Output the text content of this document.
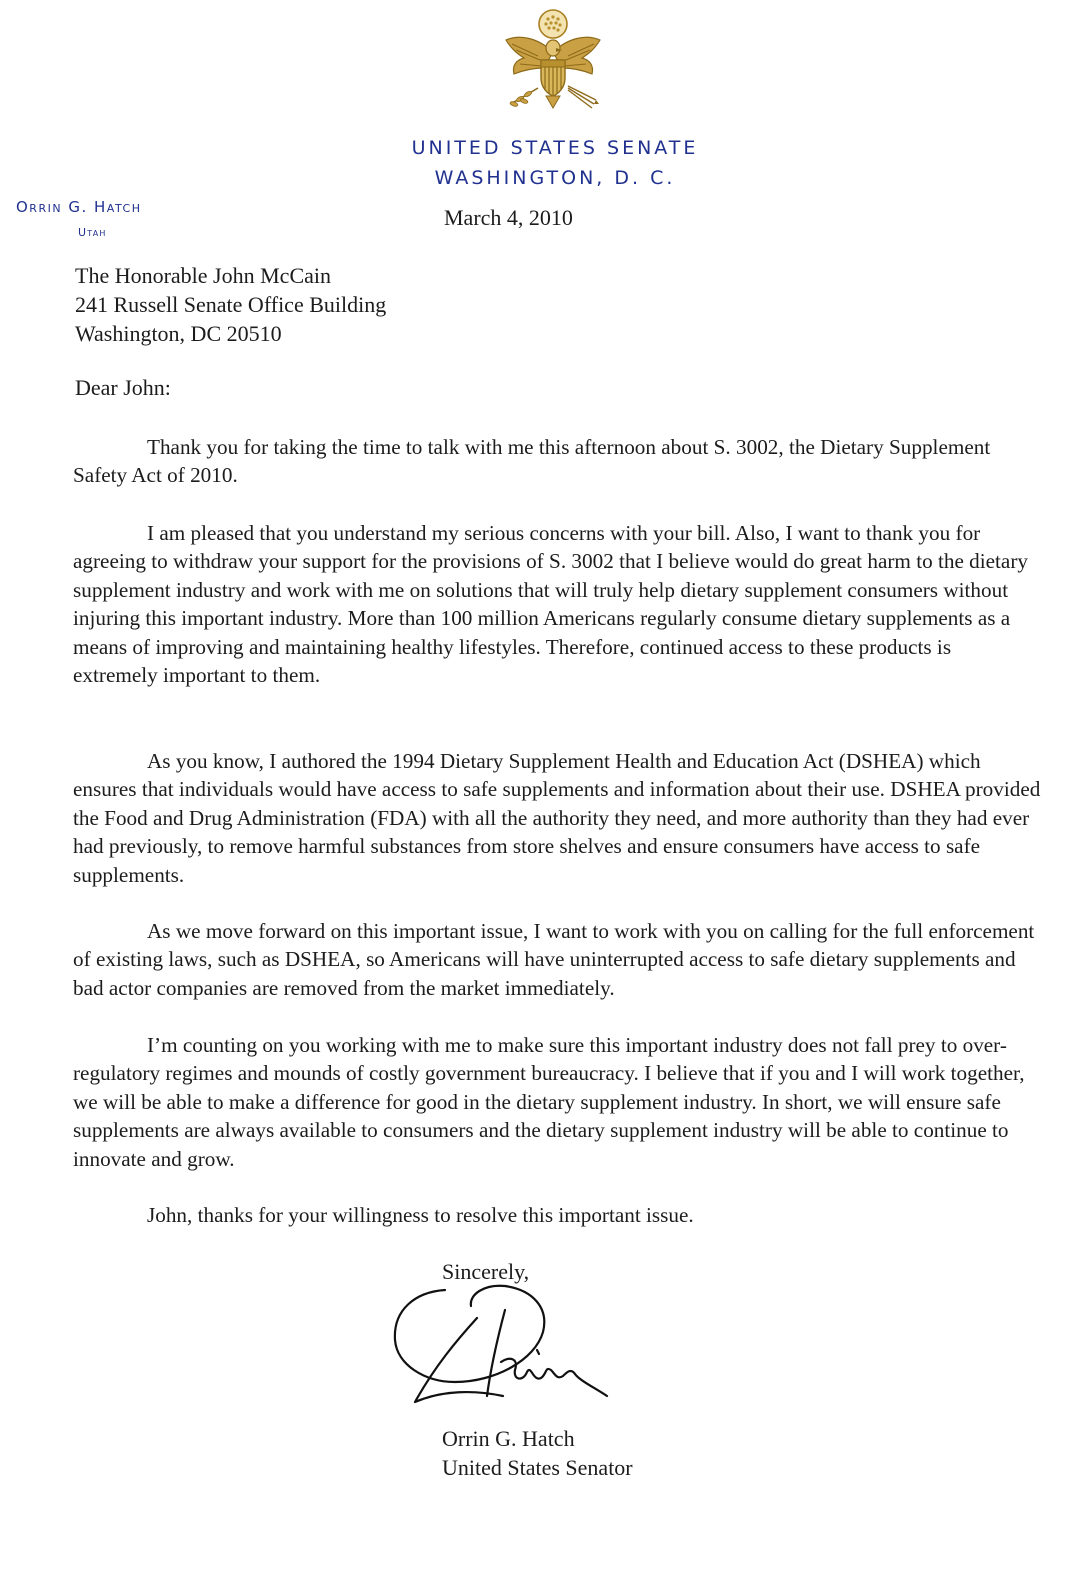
UNITED STATES SENATE
WASHINGTON, D. C.
Orrin G. Hatch
Utah
March 4, 2010
The Honorable John McCain
241 Russell Senate Office Building
Washington, DC 20510
Dear John:

Thank you for taking the time to talk with me this afternoon about S. 3002, the Dietary Supplement Safety Act of 2010.

I am pleased that you understand my serious concerns with your bill. Also, I want to thank you for agreeing to withdraw your support for the provisions of S. 3002 that I believe would do great harm to the dietary supplement industry and work with me on solutions that will truly help dietary supplement consumers without injuring this important industry. More than 100 million Americans regularly consume dietary supplements as a means of improving and maintaining healthy lifestyles. Therefore, continued access to these products is extremely important to them.

As you know, I authored the 1994 Dietary Supplement Health and Education Act (DSHEA) which ensures that individuals would have access to safe supplements and information about their use. DSHEA provided the Food and Drug Administration (FDA) with all the authority they need, and more authority than they had ever had previously, to remove harmful substances from store shelves and ensure consumers have access to safe supplements.

As we move forward on this important issue, I want to work with you on calling for the full enforcement of existing laws, such as DSHEA, so Americans will have uninterrupted access to safe dietary supplements and bad actor companies are removed from the market immediately.

I’m counting on you working with me to make sure this important industry does not fall prey to over-regulatory regimes and mounds of costly government bureaucracy. I believe that if you and I will work together, we will be able to make a difference for good in the dietary supplement industry. In short, we will ensure safe supplements are always available to consumers and the dietary supplement industry will be able to continue to innovate and grow.

John, thanks for your willingness to resolve this important issue.

Sincerely,
Orrin G. Hatch
United States Senator
